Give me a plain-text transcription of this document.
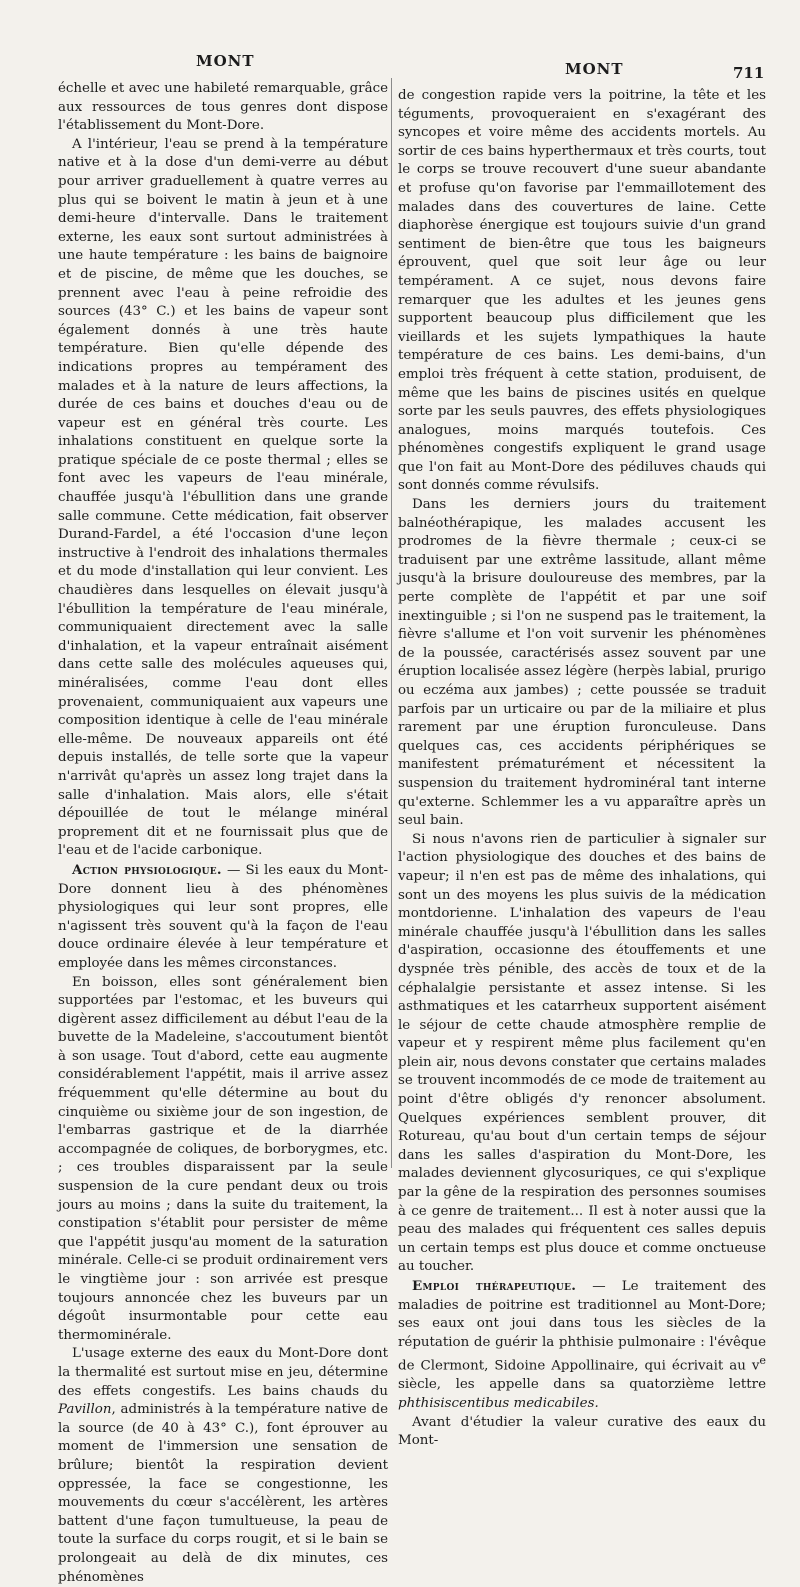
MONT	MONT	711

échelle et avec une habileté remarquable, grâce aux ressources de tous genres dont dispose l'établissement du Mont-Dore.

A l'intérieur, l'eau se prend à la température native et à la dose d'un demi-verre au début pour arriver graduellement à quatre verres au plus qui se boivent le matin à jeun et à une demi-heure d'intervalle. Dans le traitement externe, les eaux sont surtout administrées à une haute température : les bains de baignoire et de piscine, de même que les douches, se prennent avec l'eau à peine refroidie des sources (43° C.) et les bains de vapeur sont également donnés à une très haute température. Bien qu'elle dépende des indications propres au tempérament des malades et à la nature de leurs affections, la durée de ces bains et douches d'eau ou de vapeur est en général très courte. Les inhalations constituent en quelque sorte la pratique spéciale de ce poste thermal ; elles se font avec les vapeurs de l'eau minérale, chauffée jusqu'à l'ébullition dans une grande salle commune. Cette médication, fait observer Durand-Fardel, a été l'occasion d'une leçon instructive à l'endroit des inhalations thermales et du mode d'installation qui leur convient. Les chaudières dans lesquelles on élevait jusqu'à l'ébullition la température de l'eau minérale, communiquaient directement avec la salle d'inhalation, et la vapeur entraînait aisément dans cette salle des molécules aqueuses qui, minéralisées, comme l'eau dont elles provenaient, communiquaient aux vapeurs une composition identique à celle de l'eau minérale elle-même. De nouveaux appareils ont été depuis installés, de telle sorte que la vapeur n'arrivât qu'après un assez long trajet dans la salle d'inhalation. Mais alors, elle s'était dépouillée de tout le mélange minéral proprement dit et ne fournissait plus que de l'eau et de l'acide carbonique.

Action physiologique. — Si les eaux du Mont-Dore donnent lieu à des phénomènes physiologiques qui leur sont propres, elle n'agissent très souvent qu'à la façon de l'eau douce ordinaire élevée à leur température et employée dans les mêmes circonstances.

En boisson, elles sont généralement bien supportées par l'estomac, et les buveurs qui digèrent assez difficilement au début l'eau de la buvette de la Madeleine, s'accoutument bientôt à son usage. Tout d'abord, cette eau augmente considérablement l'appétit, mais il arrive assez fréquemment qu'elle détermine au bout du cinquième ou sixième jour de son ingestion, de l'embarras gastrique et de la diarrhée accompagnée de coliques, de borborygmes, etc. ; ces troubles disparaissent par la seule suspension de la cure pendant deux ou trois jours au moins ; dans la suite du traitement, la constipation s'établit pour persister de même que l'appétit jusqu'au moment de la saturation minérale. Celle-ci se produit ordinairement vers le vingtième jour : son arrivée est presque toujours annoncée chez les buveurs par un dégoût insurmontable pour cette eau thermominérale.

L'usage externe des eaux du Mont-Dore dont la thermalité est surtout mise en jeu, détermine des effets congestifs. Les bains chauds du Pavillon, administrés à la température native de la source (de 40 à 43° C.), font éprouver au moment de l'immersion une sensation de brûlure; bientôt la respiration devient oppressée, la face se congestionne, les mouvements du cœur s'accélèrent, les artères battent d'une façon tumultueuse, la peau de toute la surface du corps rougit, et si le bain se prolongeait au delà de dix minutes, ces phénomènes

de congestion rapide vers la poitrine, la tête et les téguments, provoqueraient en s'exagérant des syncopes et voire même des accidents mortels. Au sortir de ces bains hyperthermaux et très courts, tout le corps se trouve recouvert d'une sueur abandante et profuse qu'on favorise par l'emmaillotement des malades dans des couvertures de laine. Cette diaphorèse énergique est toujours suivie d'un grand sentiment de bien-être que tous les baigneurs éprouvent, quel que soit leur âge ou leur tempérament. A ce sujet, nous devons faire remarquer que les adultes et les jeunes gens supportent beaucoup plus difficilement que les vieillards et les sujets lympathiques la haute température de ces bains. Les demi-bains, d'un emploi très fréquent à cette station, produisent, de même que les bains de piscines usités en quelque sorte par les seuls pauvres, des effets physiologiques analogues, moins marqués toutefois. Ces phénomènes congestifs expliquent le grand usage que l'on fait au Mont-Dore des pédiluves chauds qui sont donnés comme révulsifs.

Dans les derniers jours du traitement balnéothérapique, les malades accusent les prodromes de la fièvre thermale ; ceux-ci se traduisent par une extrême lassitude, allant même jusqu'à la brisure douloureuse des membres, par la perte complète de l'appétit et par une soif inextinguible ; si l'on ne suspend pas le traitement, la fièvre s'allume et l'on voit survenir les phénomènes de la poussée, caractérisés assez souvent par une éruption localisée assez légère (herpès labial, prurigo ou eczéma aux jambes) ; cette poussée se traduit parfois par un urticaire ou par de la miliaire et plus rarement par une éruption furonculeuse. Dans quelques cas, ces accidents périphériques se manifestent prématurément et nécessitent la suspension du traitement hydrominéral tant interne qu'externe. Schlemmer les a vu apparaître après un seul bain.

Si nous n'avons rien de particulier à signaler sur l'action physiologique des douches et des bains de vapeur; il n'en est pas de même des inhalations, qui sont un des moyens les plus suivis de la médication montdorienne. L'inhalation des vapeurs de l'eau minérale chauffée jusqu'à l'ébullition dans les salles d'aspiration, occasionne des étouffements et une dyspnée très pénible, des accès de toux et de la céphalalgie persistante et assez intense. Si les asthmatiques et les catarrheux supportent aisément le séjour de cette chaude atmosphère remplie de vapeur et y respirent même plus facilement qu'en plein air, nous devons constater que certains malades se trouvent incommodés de ce mode de traitement au point d'être obligés d'y renoncer absolument. Quelques expériences semblent prouver, dit Rotureau, qu'au bout d'un certain temps de séjour dans les salles d'aspiration du Mont-Dore, les malades deviennent glycosuriques, ce qui s'explique par la gêne de la respiration des personnes soumises à ce genre de traitement... Il est à noter aussi que la peau des malades qui fréquentent ces salles depuis un certain temps est plus douce et comme onctueuse au toucher.

Emploi thérapeutique. — Le traitement des maladies de poitrine est traditionnel au Mont-Dore; ses eaux ont joui dans tous les siècles de la réputation de guérir la phthisie pulmonaire : l'évêque de Clermont, Sidoine Appollinaire, qui écrivait au $v^e$ siècle, les appelle dans sa quatorzième lettre phthisiscentibus medicabiles.

Avant d'étudier la valeur curative des eaux du Mont-
